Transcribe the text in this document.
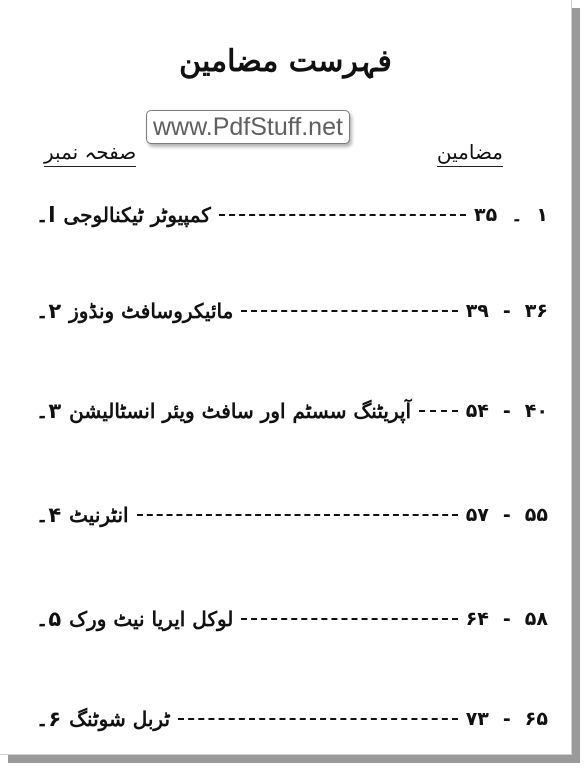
فہرست مضامین
مضامین
صفحہ نمبر
www.PdfStuff.net
ا۔ کمپیوٹر ٹیکنالوجی	۳۵ ۔ ۱
۲۔ مائیکروسافٹ ونڈوز	۳۹ - ۳۶
۳۔ آپریٹنگ سسٹم اور سافٹ ویئر انسٹالیشن	۵۴ - ۴۰
۴۔ انٹرنیٹ	۵۷ - ۵۵
۵۔ لوکل ایریا نیٹ ورک	۶۴ - ۵۸
۶۔ ٹربل شوٹنگ	۷۳ - ۶۵
